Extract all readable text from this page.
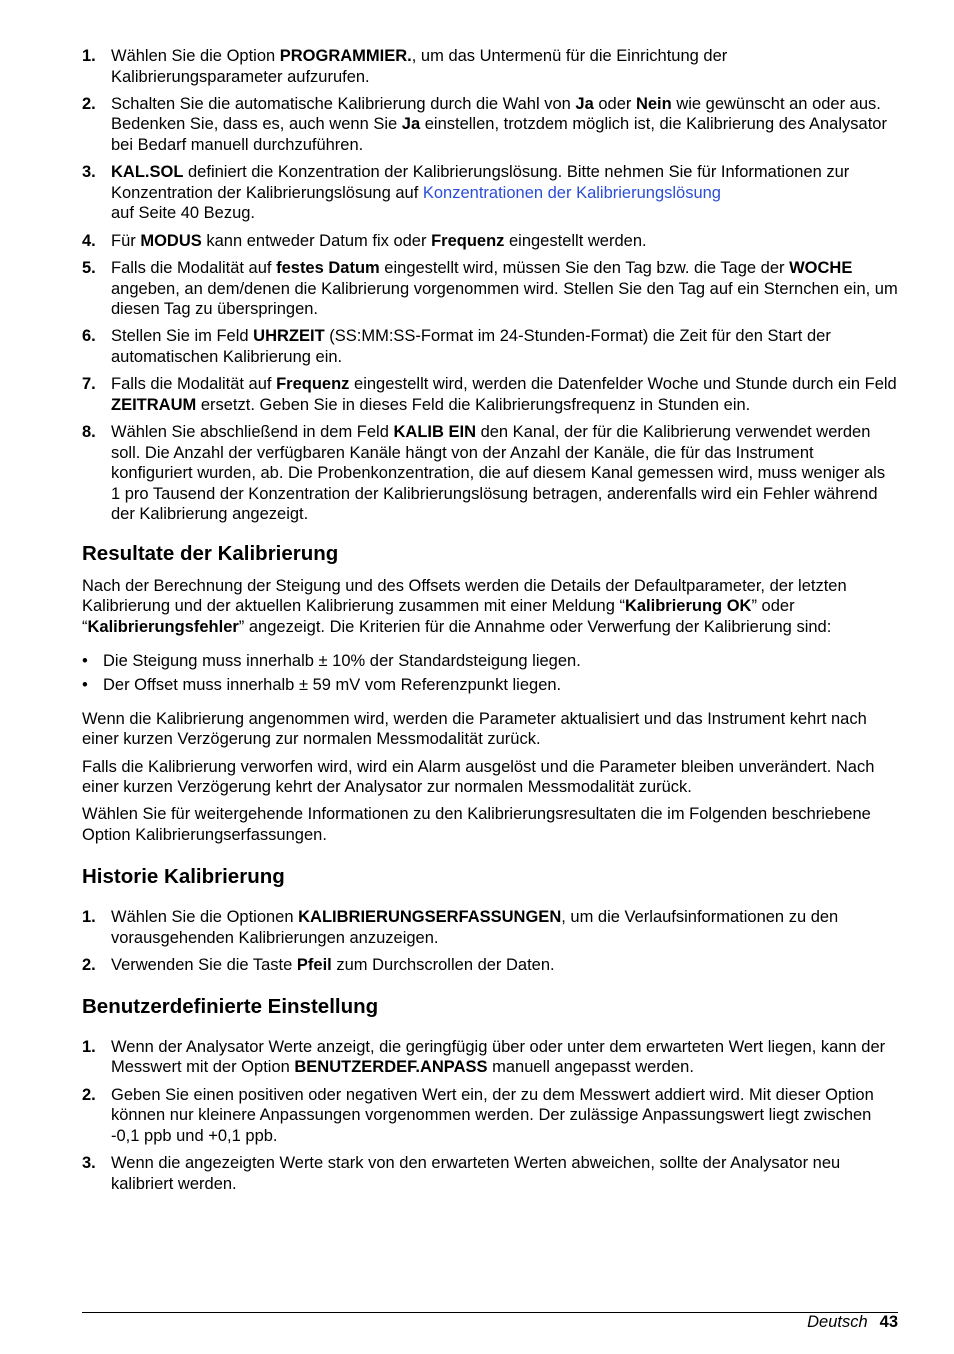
1. Wählen Sie die Option PROGRAMMIER., um das Untermenü für die Einrichtung der Kalibrierungsparameter aufzurufen.
2. Schalten Sie die automatische Kalibrierung durch die Wahl von Ja oder Nein wie gewünscht an oder aus. Bedenken Sie, dass es, auch wenn Sie Ja einstellen, trotzdem möglich ist, die Kalibrierung des Analysator bei Bedarf manuell durchzuführen.
3. KAL.SOL definiert die Konzentration der Kalibrierungslösung. Bitte nehmen Sie für Informationen zur Konzentration der Kalibrierungslösung auf Konzentrationen der Kalibrierungslösung
auf Seite 40 Bezug.
4. Für MODUS kann entweder Datum fix oder Frequenz eingestellt werden.
5. Falls die Modalität auf festes Datum eingestellt wird, müssen Sie den Tag bzw. die Tage der WOCHE angeben, an dem/denen die Kalibrierung vorgenommen wird. Stellen Sie den Tag auf ein Sternchen ein, um diesen Tag zu überspringen.
6. Stellen Sie im Feld UHRZEIT (SS:MM:SS-Format im 24-Stunden-Format) die Zeit für den Start der automatischen Kalibrierung ein.
7. Falls die Modalität auf Frequenz eingestellt wird, werden die Datenfelder Woche und Stunde durch ein Feld ZEITRAUM ersetzt. Geben Sie in dieses Feld die Kalibrierungsfrequenz in Stunden ein.
8. Wählen Sie abschließend in dem Feld KALIB EIN den Kanal, der für die Kalibrierung verwendet werden soll. Die Anzahl der verfügbaren Kanäle hängt von der Anzahl der Kanäle, die für das Instrument konfiguriert wurden, ab. Die Probenkonzentration, die auf diesem Kanal gemessen wird, muss weniger als 1 pro Tausend der Konzentration der Kalibrierungslösung betragen, anderenfalls wird ein Fehler während der Kalibrierung angezeigt.
Resultate der Kalibrierung

Nach der Berechnung der Steigung und des Offsets werden die Details der Defaultparameter, der letzten Kalibrierung und der aktuellen Kalibrierung zusammen mit einer Meldung “Kalibrierung OK” oder “Kalibrierungsfehler” angezeigt. Die Kriterien für die Annahme oder Verwerfung der Kalibrierung sind:

• Die Steigung muss innerhalb ± 10% der Standardsteigung liegen.
• Der Offset muss innerhalb ± 59 mV vom Referenzpunkt liegen.

Wenn die Kalibrierung angenommen wird, werden die Parameter aktualisiert und das Instrument kehrt nach einer kurzen Verzögerung zur normalen Messmodalität zurück.

Falls die Kalibrierung verworfen wird, wird ein Alarm ausgelöst und die Parameter bleiben unverändert. Nach einer kurzen Verzögerung kehrt der Analysator zur normalen Messmodalität zurück.

Wählen Sie für weitergehende Informationen zu den Kalibrierungsresultaten die im Folgenden beschriebene Option Kalibrierungserfassungen.

Historie Kalibrierung
1. Wählen Sie die Optionen KALIBRIERUNGSERFASSUNGEN, um die Verlaufsinformationen zu den vorausgehenden Kalibrierungen anzuzeigen.
2. Verwenden Sie die Taste Pfeil zum Durchscrollen der Daten.
Benutzerdefinierte Einstellung
1. Wenn der Analysator Werte anzeigt, die geringfügig über oder unter dem erwarteten Wert liegen, kann der Messwert mit der Option BENUTZERDEF.ANPASS manuell angepasst werden.
2. Geben Sie einen positiven oder negativen Wert ein, der zu dem Messwert addiert wird. Mit dieser Option können nur kleinere Anpassungen vorgenommen werden. Der zulässige Anpassungswert liegt zwischen -0,1 ppb und +0,1 ppb.
3. Wenn die angezeigten Werte stark von den erwarteten Werten abweichen, sollte der Analysator neu kalibriert werden.
Deutsch 43
